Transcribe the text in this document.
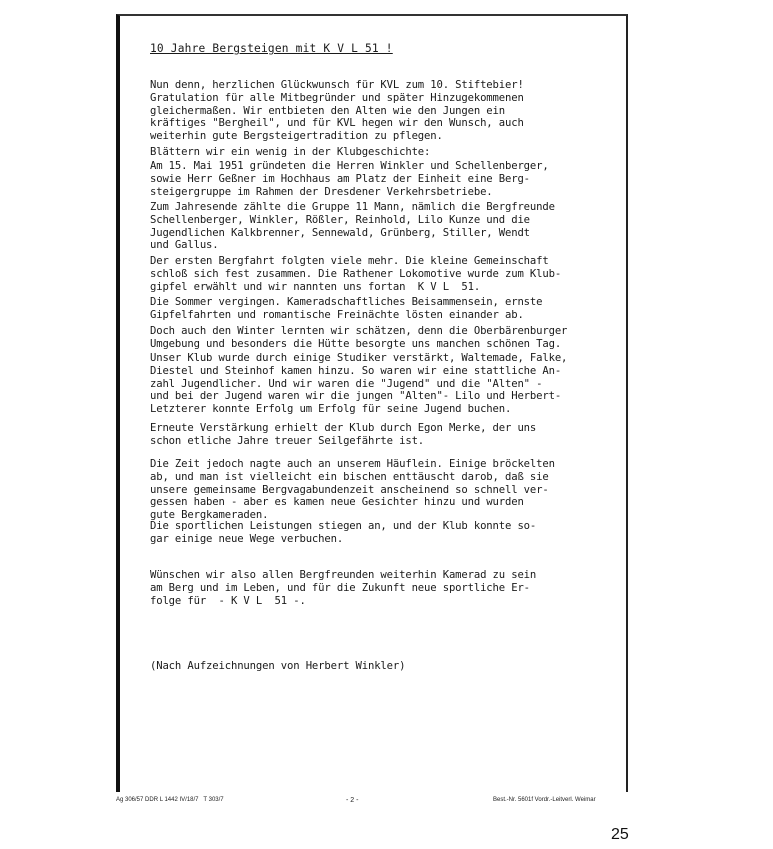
10 Jahre Bergsteigen mit K V L 51 !

Nun denn, herzlichen Glückwunsch für KVL zum 10. Stiftebier!
Gratulation für alle Mitbegründer und später Hinzugekommenen
gleichermaßen. Wir entbieten den Alten wie den Jungen ein
kräftiges "Bergheil", und für KVL hegen wir den Wunsch, auch
weiterhin gute Bergsteigertradition zu pflegen.

Blättern wir ein wenig in der Klubgeschichte:

Am 15. Mai 1951 gründeten die Herren Winkler und Schellenberger,
sowie Herr Geßner im Hochhaus am Platz der Einheit eine Berg-
steigergruppe im Rahmen der Dresdener Verkehrsbetriebe.

Zum Jahresende zählte die Gruppe 11 Mann, nämlich die Bergfreunde
Schellenberger, Winkler, Rößler, Reinhold, Lilo Kunze und die
Jugendlichen Kalkbrenner, Sennewald, Grünberg, Stiller, Wendt
und Gallus.

Der ersten Bergfahrt folgten viele mehr. Die kleine Gemeinschaft
schloß sich fest zusammen. Die Rathener Lokomotive wurde zum Klub-
gipfel erwählt und wir nannten uns fortan  K V L  51.

Die Sommer vergingen. Kameradschaftliches Beisammensein, ernste
Gipfelfahrten und romantische Freinächte lösten einander ab.

Doch auch den Winter lernten wir schätzen, denn die Oberbärenburger
Umgebung und besonders die Hütte besorgte uns manchen schönen Tag.

Unser Klub wurde durch einige Studiker verstärkt, Waltemade, Falke,
Diestel und Steinhof kamen hinzu. So waren wir eine stattliche An-
zahl Jugendlicher. Und wir waren die "Jugend" und die "Alten" -
und bei der Jugend waren wir die jungen "Alten"- Lilo und Herbert-
Letzterer konnte Erfolg um Erfolg für seine Jugend buchen.

Erneute Verstärkung erhielt der Klub durch Egon Merke, der uns
schon etliche Jahre treuer Seilgefährte ist.

Die Zeit jedoch nagte auch an unserem Häuflein. Einige bröckelten
ab, und man ist vielleicht ein bischen enttäuscht darob, daß sie
unsere gemeinsame Bergvagabundenzeit anscheinend so schnell ver-
gessen haben - aber es kamen neue Gesichter hinzu und wurden
gute Bergkameraden.

Die sportlichen Leistungen stiegen an, und der Klub konnte so-
gar einige neue Wege verbuchen.

Wünschen wir also allen Bergfreunden weiterhin Kamerad zu sein
am Berg und im Leben, und für die Zukunft neue sportliche Er-
folge für  - K V L  51 -.

(Nach Aufzeichnungen von Herbert Winkler)

Ag 306/57 DDR L 1442 IV/18/7   T 303/7	- 2 -	Best.-Nr. 5601f Vordr.-Leitverl. Weimar
25
